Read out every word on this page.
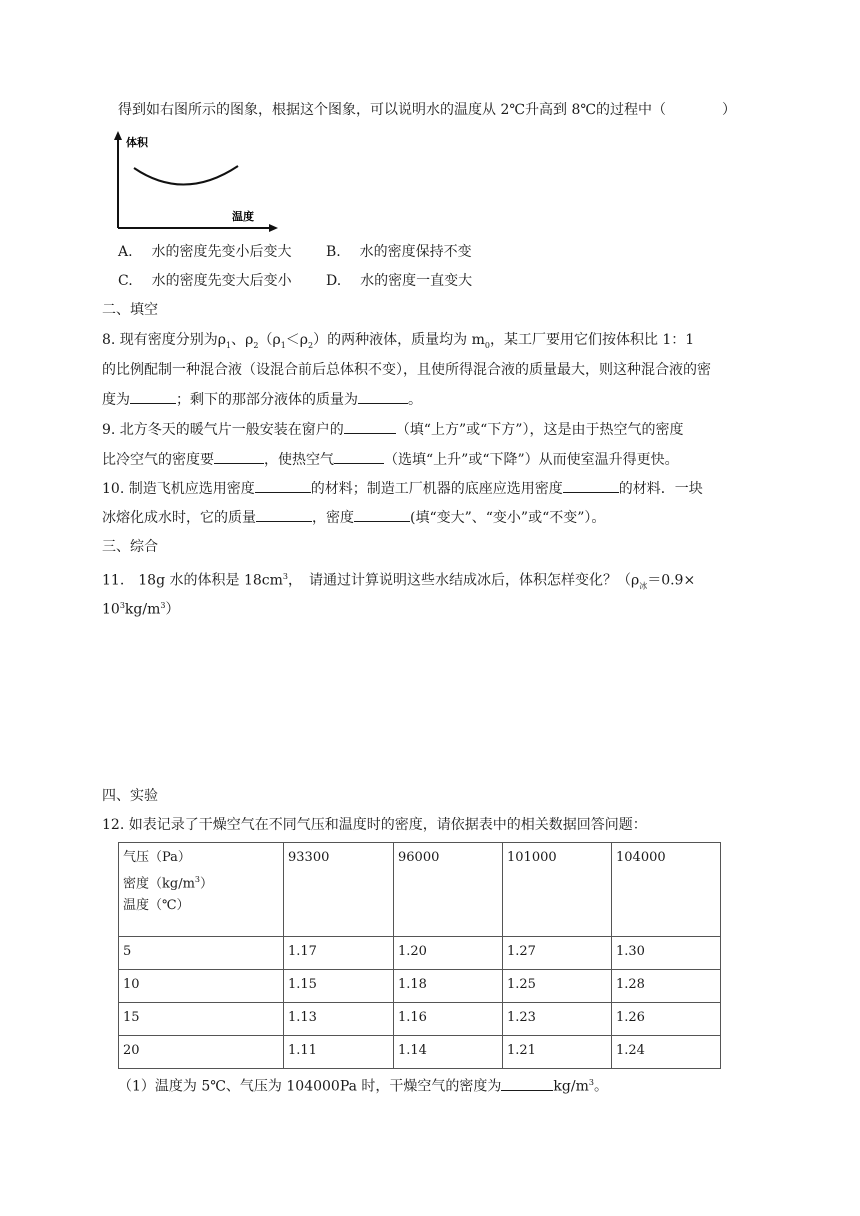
得到如右图所示的图象，根据这个图象，可以说明水的温度从 2℃升高到 8℃的过程中（　　　　）
体积
温度
A. 水的密度先变小后变大 B. 水的密度保持不变
C. 水的密度先变大后变小 D. 水的密度一直变大
二、填空
8. 现有密度分别为$\rho_1$、$\rho_2(\rho_1<\rho_2)$的两种液体，质量均为 $m_0$，某工厂要用它们按体积比 1：1
的比例配制一种混合液（设混合前后总体积不变），且使所得混合液的质量最大，则这种混合液的密
度为	；剩下的那部分液体的质量为	。
9. 北方冬天的暖气片一般安装在窗户的	（填“上方”或“下方”），这是由于热空气的密度
比冷空气的密度要	，使热空气	（选填“上升”或“下降”）从而使室温升得更快。
10. 制造飞机应选用密度	的材料；制造工厂机器的底座应选用密度	的材料．一块
冰熔化成水时，它的质量	，密度	(填“变大”、“变小”或“不变”）。
三、综合
11.　18g 水的体积是 $18cm^3$，　请通过计算说明这些水结成冰后，体积怎样变化？（$\rho_冰=0.9\times$
$10^3kg/m^3$）
四、实验
12. 如表记录了干燥空气在不同气压和温度时的密度，请依据表中的相关数据回答问题：
气压（Pa）
密度$(kg/m^3)$
温度（℃）	93300	96000	101000	104000
5	1.17	1.20	1.27	1.30
10	1.15	1.18	1.25	1.28
15	1.13	1.16	1.23	1.26
20	1.11	1.14	1.21	1.24
（1）温度为 5℃、气压为 104000Pa 时，干燥空气的密度为	$kg/m^3$。
